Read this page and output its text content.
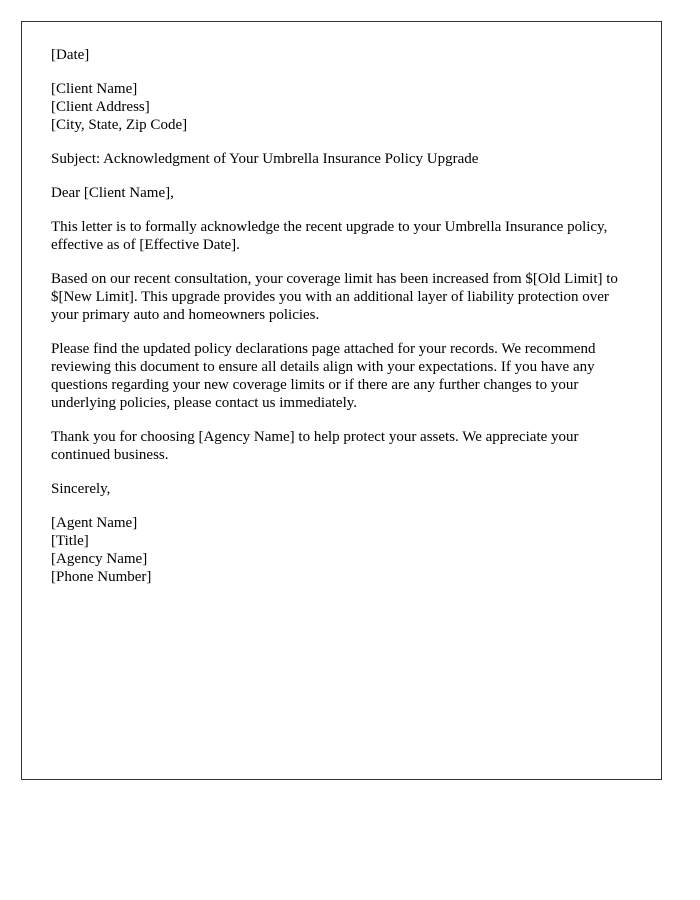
[Date]
[Client Name]
[Client Address]
[City, State, Zip Code]
Subject: Acknowledgment of Your Umbrella Insurance Policy Upgrade
Dear [Client Name],

This letter is to formally acknowledge the recent upgrade to your Umbrella Insurance policy, effective as of [Effective Date].

Based on our recent consultation, your coverage limit has been increased from $[Old Limit] to $[New Limit]. This upgrade provides you with an additional layer of liability protection over your primary auto and homeowners policies.

Please find the updated policy declarations page attached for your records. We recommend reviewing this document to ensure all details align with your expectations. If you have any questions regarding your new coverage limits or if there are any further changes to your underlying policies, please contact us immediately.

Thank you for choosing [Agency Name] to help protect your assets. We appreciate your continued business.

Sincerely,
[Agent Name]
[Title]
[Agency Name]
[Phone Number]
